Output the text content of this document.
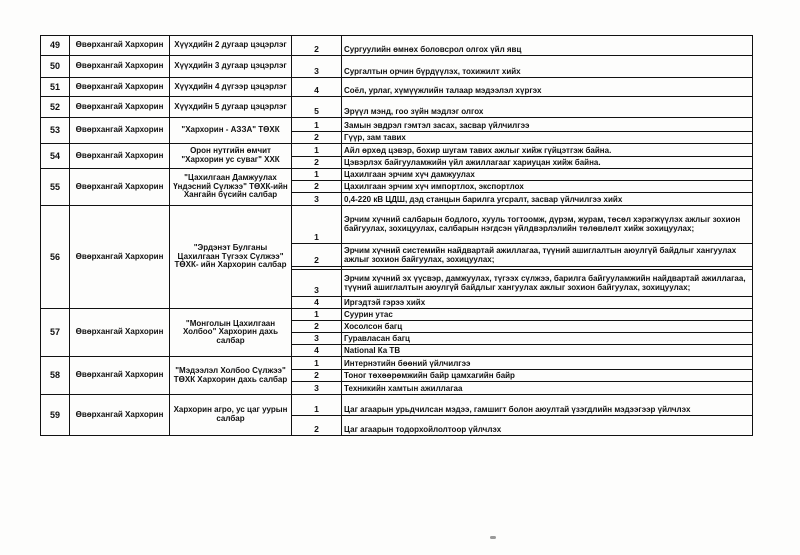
49	Өвөрхангай Хархорин	Хүүхдийн 2 дугаар цэцэрлэг	2	Сургуулийн өмнөх боловсрол олгох үйл явц
50	Өвөрхангай Хархорин	Хүүхдийн 3 дугаар цэцэрлэг	3	Сургалтын орчин бүрдүүлэх, тохижилт хийх
51	Өвөрхангай Хархорин	Хүүхдийн 4 дүгээр цэцэрлэг	4	Соёл, урлаг, хүмүүжлийн талаар мэдээлэл хүргэх
52	Өвөрхангай Хархорин	Хүүхдийн 5 дугаар цэцэрлэг	5	Эрүүл мэнд, гоо зүйн мэдлэг олгох
53	Өвөрхангай Хархорин	"Хархорин - АЗЗА" ТӨХК	1	Замын эвдрэл гэмтэл засах, засвар үйлчилгээ
			2	Гүүр, зам тавих
54	Өвөрхангай Хархорин	Орон нутгийн өмчит "Хархорин ус суваг" ХХК	1	Айл өрхөд цэвэр, бохир шугам тавих ажлыг хийж гүйцэтгэж байна.
			2	Цэвэрлэх байгууламжийн үйл ажиллагааг хариуцан хийж байна.
55	Өвөрхангай Хархорин	"Цахилгаан Дамжуулах Үндэсний Сүлжээ" ТӨХК-ийн Хангайн бүсийн салбар	1	Цахилгаан эрчим хүч дамжуулах
			2	Цахилгаан эрчим хүч импортлох, экспортлох
			3	0,4-220 кВ ЦДШ, дэд станцын барилга угсралт, засвар үйлчилгээ хийх
56	Өвөрхангай Хархорин	"Эрдэнэт Булганы Цахилгаан Түгээх Сүлжээ" ТӨХК- ийн Хархорин салбар	1	Эрчим хүчний салбарын бодлого, хууль тогтоомж, дүрэм, журам, төсөл хэрэгжүүлэх ажлыг зохион байгуулах, зохицуулах, салбарын нэгдсэн үйлдвэрлэлийн төлөвлөлт хийж зохицуулах;
			2	Эрчим хүчний системийн найдвартай ажиллагаа, түүний ашиглалтын аюулгүй байдлыг хангуулах ажлыг зохион байгуулах, зохицуулах;

			3	Эрчим хүчний эх үүсвэр, дамжуулах, түгээх сүлжээ, барилга байгууламжийн найдвартай ажиллагаа, түүний ашиглалтын аюулгүй байдлыг хангуулах ажлыг зохион байгуулах, зохицуулах;
			4	Иргэдтэй гэрээ хийх
57	Өвөрхангай Хархорин	"Монголын Цахилгаан Холбоо" Хархорин дахь салбар	1	Суурин утас
			2	Хосолсон багц
			3	Гуравласан багц
			4	National Ка ТВ
58	Өвөрхангай Хархорин	"Мэдээлэл Холбоо Сүлжээ" ТӨХК Хархорин дахь салбар	1	Интернэтийн бөөний үйлчилгээ
			2	Тоног төхөөрөмжийн байр цамхагийн байр
			3	Техникийн хамтын ажиллагаа
59	Өвөрхангай Хархорин	Хархорин агро, ус цаг уурын салбар	1	Цаг агаарын урьдчилсан мэдээ, гамшигт болон аюултай үзэгдлийн мэдээгээр үйлчлэх
			2	Цаг агаарын тодорхойлолтоор үйлчлэх
